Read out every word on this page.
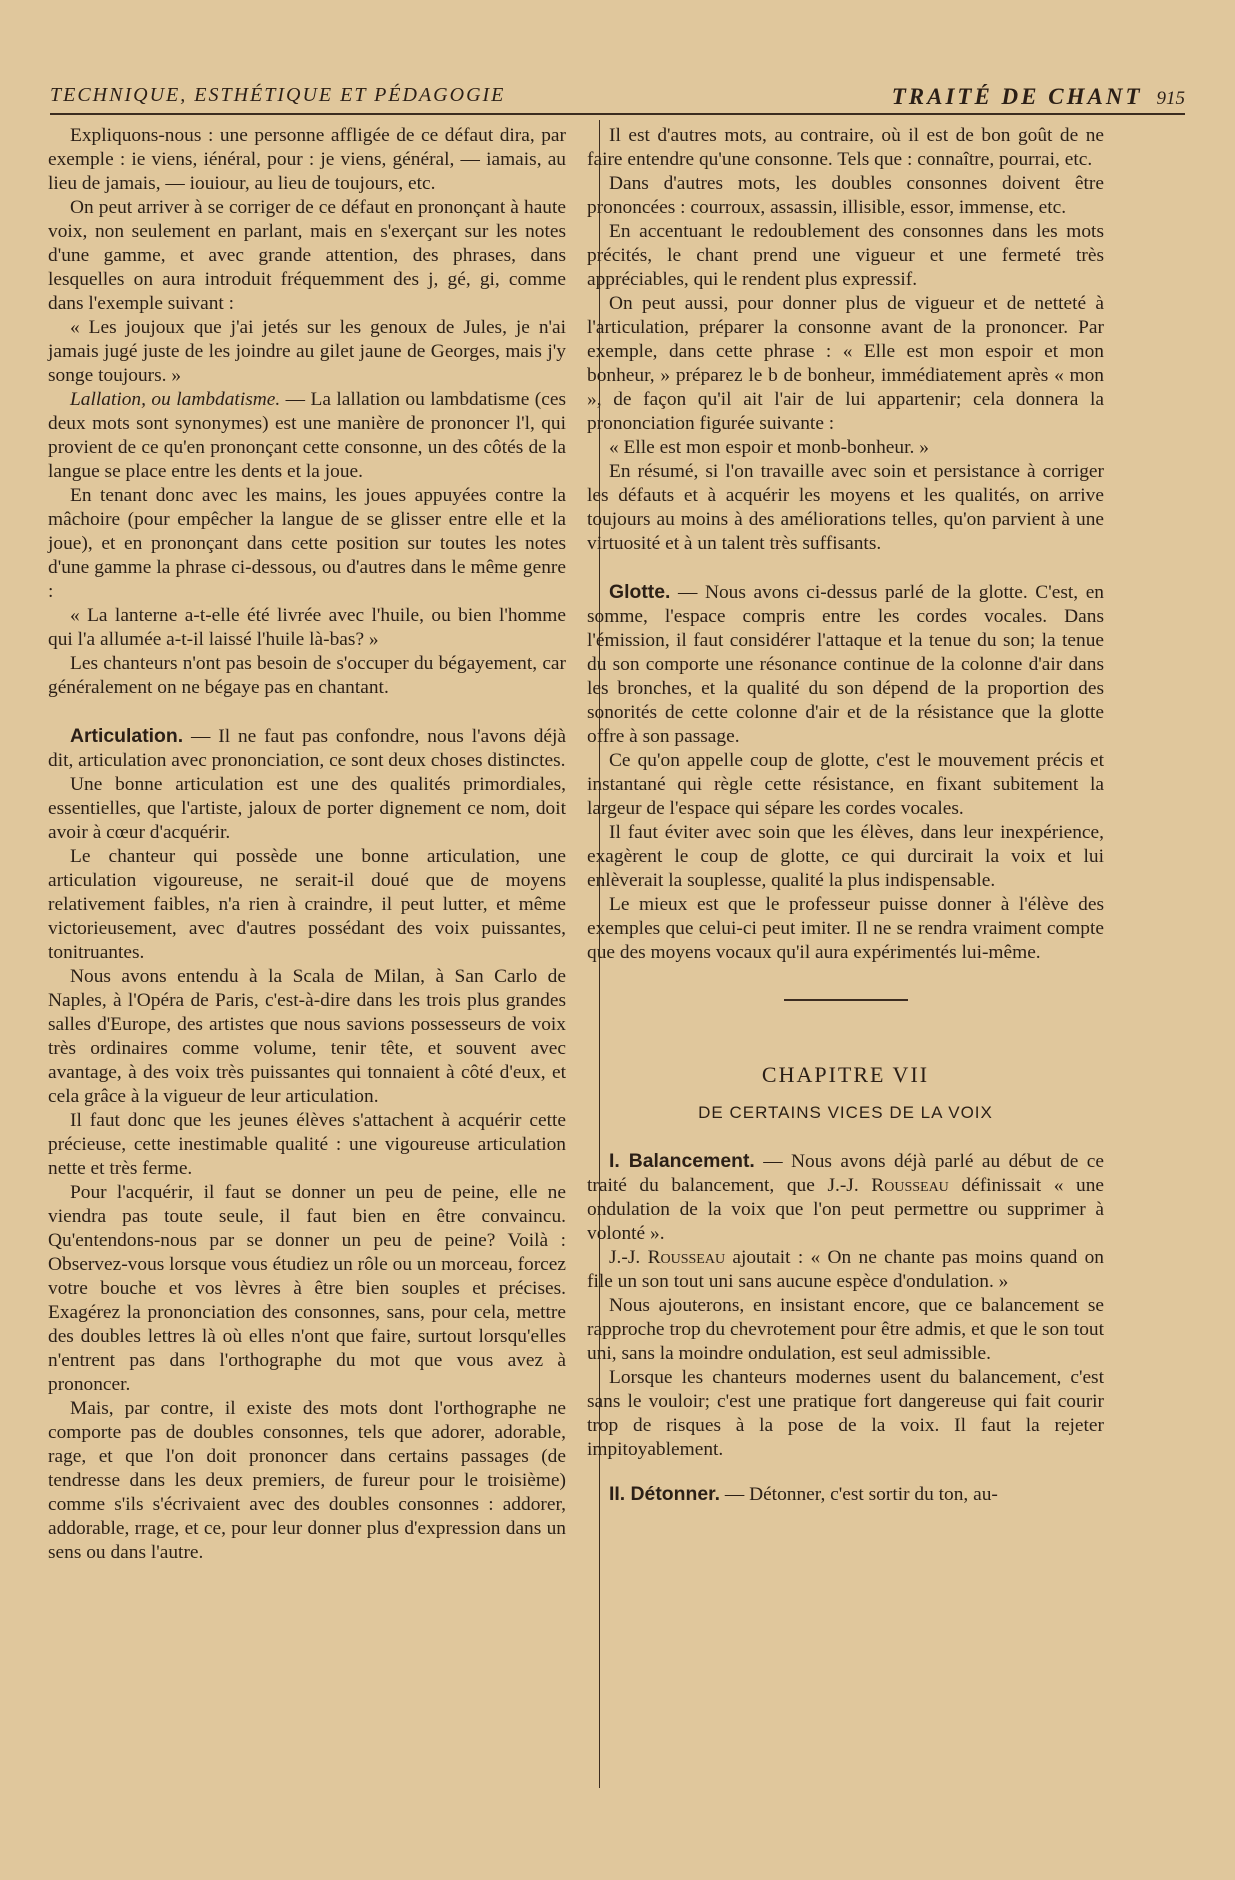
TECHNIQUE, ESTHÉTIQUE ET PÉDAGOGIE	TRAITÉ DE CHANT 915

Expliquons-nous : une personne affligée de ce défaut dira, par exemple : ie viens, iénéral, pour : je viens, général, — iamais, au lieu de jamais, — iouiour, au lieu de toujours, etc.

On peut arriver à se corriger de ce défaut en prononçant à haute voix, non seulement en parlant, mais en s'exerçant sur les notes d'une gamme, et avec grande attention, des phrases, dans lesquelles on aura introduit fréquemment des j, gé, gi, comme dans l'exemple suivant :

« Les joujoux que j'ai jetés sur les genoux de Jules, je n'ai jamais jugé juste de les joindre au gilet jaune de Georges, mais j'y songe toujours. »

Lallation, ou lambdatisme. — La lallation ou lambdatisme (ces deux mots sont synonymes) est une manière de prononcer l'l, qui provient de ce qu'en prononçant cette consonne, un des côtés de la langue se place entre les dents et la joue.

En tenant donc avec les mains, les joues appuyées contre la mâchoire (pour empêcher la langue de se glisser entre elle et la joue), et en prononçant dans cette position sur toutes les notes d'une gamme la phrase ci-dessous, ou d'autres dans le même genre :

« La lanterne a-t-elle été livrée avec l'huile, ou bien l'homme qui l'a allumée a-t-il laissé l'huile là-bas? »

Les chanteurs n'ont pas besoin de s'occuper du bégayement, car généralement on ne bégaye pas en chantant.

Articulation. — Il ne faut pas confondre, nous l'avons déjà dit, articulation avec prononciation, ce sont deux choses distinctes.

Une bonne articulation est une des qualités primordiales, essentielles, que l'artiste, jaloux de porter dignement ce nom, doit avoir à cœur d'acquérir.

Le chanteur qui possède une bonne articulation, une articulation vigoureuse, ne serait-il doué que de moyens relativement faibles, n'a rien à craindre, il peut lutter, et même victorieusement, avec d'autres possédant des voix puissantes, tonitruantes.

Nous avons entendu à la Scala de Milan, à San Carlo de Naples, à l'Opéra de Paris, c'est-à-dire dans les trois plus grandes salles d'Europe, des artistes que nous savions possesseurs de voix très ordinaires comme volume, tenir tête, et souvent avec avantage, à des voix très puissantes qui tonnaient à côté d'eux, et cela grâce à la vigueur de leur articulation.

Il faut donc que les jeunes élèves s'attachent à acquérir cette précieuse, cette inestimable qualité : une vigoureuse articulation nette et très ferme.

Pour l'acquérir, il faut se donner un peu de peine, elle ne viendra pas toute seule, il faut bien en être convaincu. Qu'entendons-nous par se donner un peu de peine? Voilà : Observez-vous lorsque vous étudiez un rôle ou un morceau, forcez votre bouche et vos lèvres à être bien souples et précises. Exagérez la prononciation des consonnes, sans, pour cela, mettre des doubles lettres là où elles n'ont que faire, surtout lorsqu'elles n'entrent pas dans l'orthographe du mot que vous avez à prononcer.

Mais, par contre, il existe des mots dont l'orthographe ne comporte pas de doubles consonnes, tels que adorer, adorable, rage, et que l'on doit prononcer dans certains passages (de tendresse dans les deux premiers, de fureur pour le troisième) comme s'ils s'écrivaient avec des doubles consonnes : addorer, addorable, rrage, et ce, pour leur donner plus d'expression dans un sens ou dans l'autre.

Il est d'autres mots, au contraire, où il est de bon goût de ne faire entendre qu'une consonne. Tels que : connaître, pourrai, etc.

Dans d'autres mots, les doubles consonnes doivent être prononcées : courroux, assassin, illisible, essor, immense, etc.

En accentuant le redoublement des consonnes dans les mots précités, le chant prend une vigueur et une fermeté très appréciables, qui le rendent plus expressif.

On peut aussi, pour donner plus de vigueur et de netteté à l'articulation, préparer la consonne avant de la prononcer. Par exemple, dans cette phrase : « Elle est mon espoir et mon bonheur, » préparez le b de bonheur, immédiatement après « mon », de façon qu'il ait l'air de lui appartenir; cela donnera la prononciation figurée suivante :

« Elle est mon espoir et monb-bonheur. »

En résumé, si l'on travaille avec soin et persistance à corriger les défauts et à acquérir les moyens et les qualités, on arrive toujours au moins à des améliorations telles, qu'on parvient à une virtuosité et à un talent très suffisants.

Glotte. — Nous avons ci-dessus parlé de la glotte. C'est, en somme, l'espace compris entre les cordes vocales. Dans l'émission, il faut considérer l'attaque et la tenue du son; la tenue du son comporte une résonance continue de la colonne d'air dans les bronches, et la qualité du son dépend de la proportion des sonorités de cette colonne d'air et de la résistance que la glotte offre à son passage.

Ce qu'on appelle coup de glotte, c'est le mouvement précis et instantané qui règle cette résistance, en fixant subitement la largeur de l'espace qui sépare les cordes vocales.

Il faut éviter avec soin que les élèves, dans leur inexpérience, exagèrent le coup de glotte, ce qui durcirait la voix et lui enlèverait la souplesse, qualité la plus indispensable.

Le mieux est que le professeur puisse donner à l'élève des exemples que celui-ci peut imiter. Il ne se rendra vraiment compte que des moyens vocaux qu'il aura expérimentés lui-même.

CHAPITRE VII
DE CERTAINS VICES DE LA VOIX

I. Balancement. — Nous avons déjà parlé au début de ce traité du balancement, que J.-J. Rousseau définissait « une ondulation de la voix que l'on peut permettre ou supprimer à volonté ».

J.-J. Rousseau ajoutait : « On ne chante pas moins quand on file un son tout uni sans aucune espèce d'ondulation. »

Nous ajouterons, en insistant encore, que ce balancement se rapproche trop du chevrotement pour être admis, et que le son tout uni, sans la moindre ondulation, est seul admissible.

Lorsque les chanteurs modernes usent du balancement, c'est sans le vouloir; c'est une pratique fort dangereuse qui fait courir trop de risques à la pose de la voix. Il faut la rejeter impitoyablement.

II. Détonner. — Détonner, c'est sortir du ton, au-
